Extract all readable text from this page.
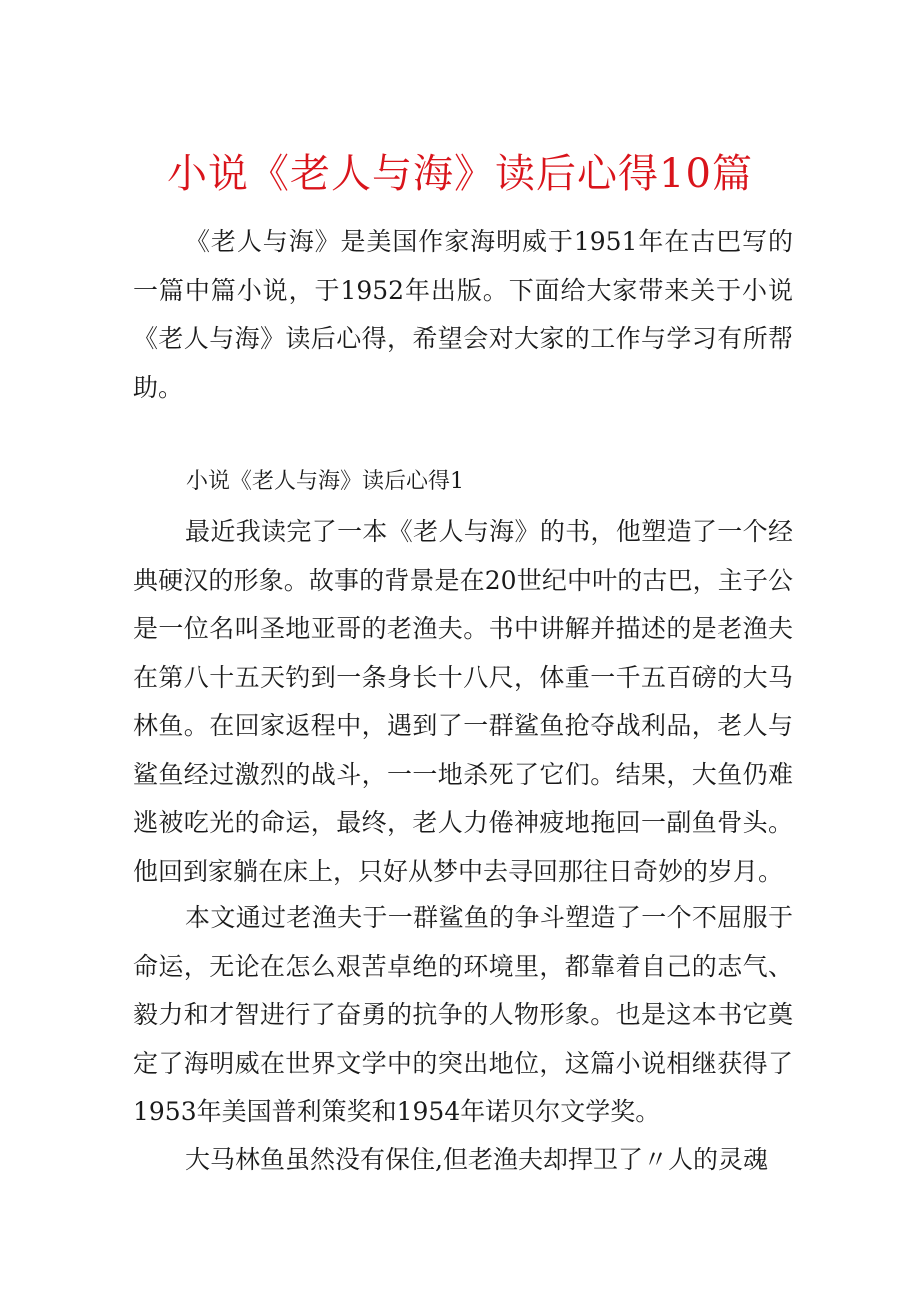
小说《老人与海》读后心得10篇

《老人与海》是美国作家海明威于1951年在古巴写的一篇中篇小说，于1952年出版。下面给大家带来关于小说《老人与海》读后心得，希望会对大家的工作与学习有所帮助。

小说《老人与海》读后心得1

最近我读完了一本《老人与海》的书，他塑造了一个经典硬汉的形象。故事的背景是在20世纪中叶的古巴，主子公是一位名叫圣地亚哥的老渔夫。书中讲解并描述的是老渔夫在第八十五天钓到一条身长十八尺，体重一千五百磅的大马林鱼。在回家返程中，遇到了一群鲨鱼抢夺战利品，老人与鲨鱼经过激烈的战斗，一一地杀死了它们。结果，大鱼仍难逃被吃光的命运，最终，老人力倦神疲地拖回一副鱼骨头。他回到家躺在床上，只好从梦中去寻回那往日奇妙的岁月。

本文通过老渔夫于一群鲨鱼的争斗塑造了一个不屈服于命运，无论在怎么艰苦卓绝的环境里，都靠着自己的志气、毅力和才智进行了奋勇的抗争的人物形象。也是这本书它奠定了海明威在世界文学中的突出地位，这篇小说相继获得了1953年美国普利策奖和1954年诺贝尔文学奖。

大马林鱼虽然没有保住,但老渔夫却捍卫了〃人的灵魂
